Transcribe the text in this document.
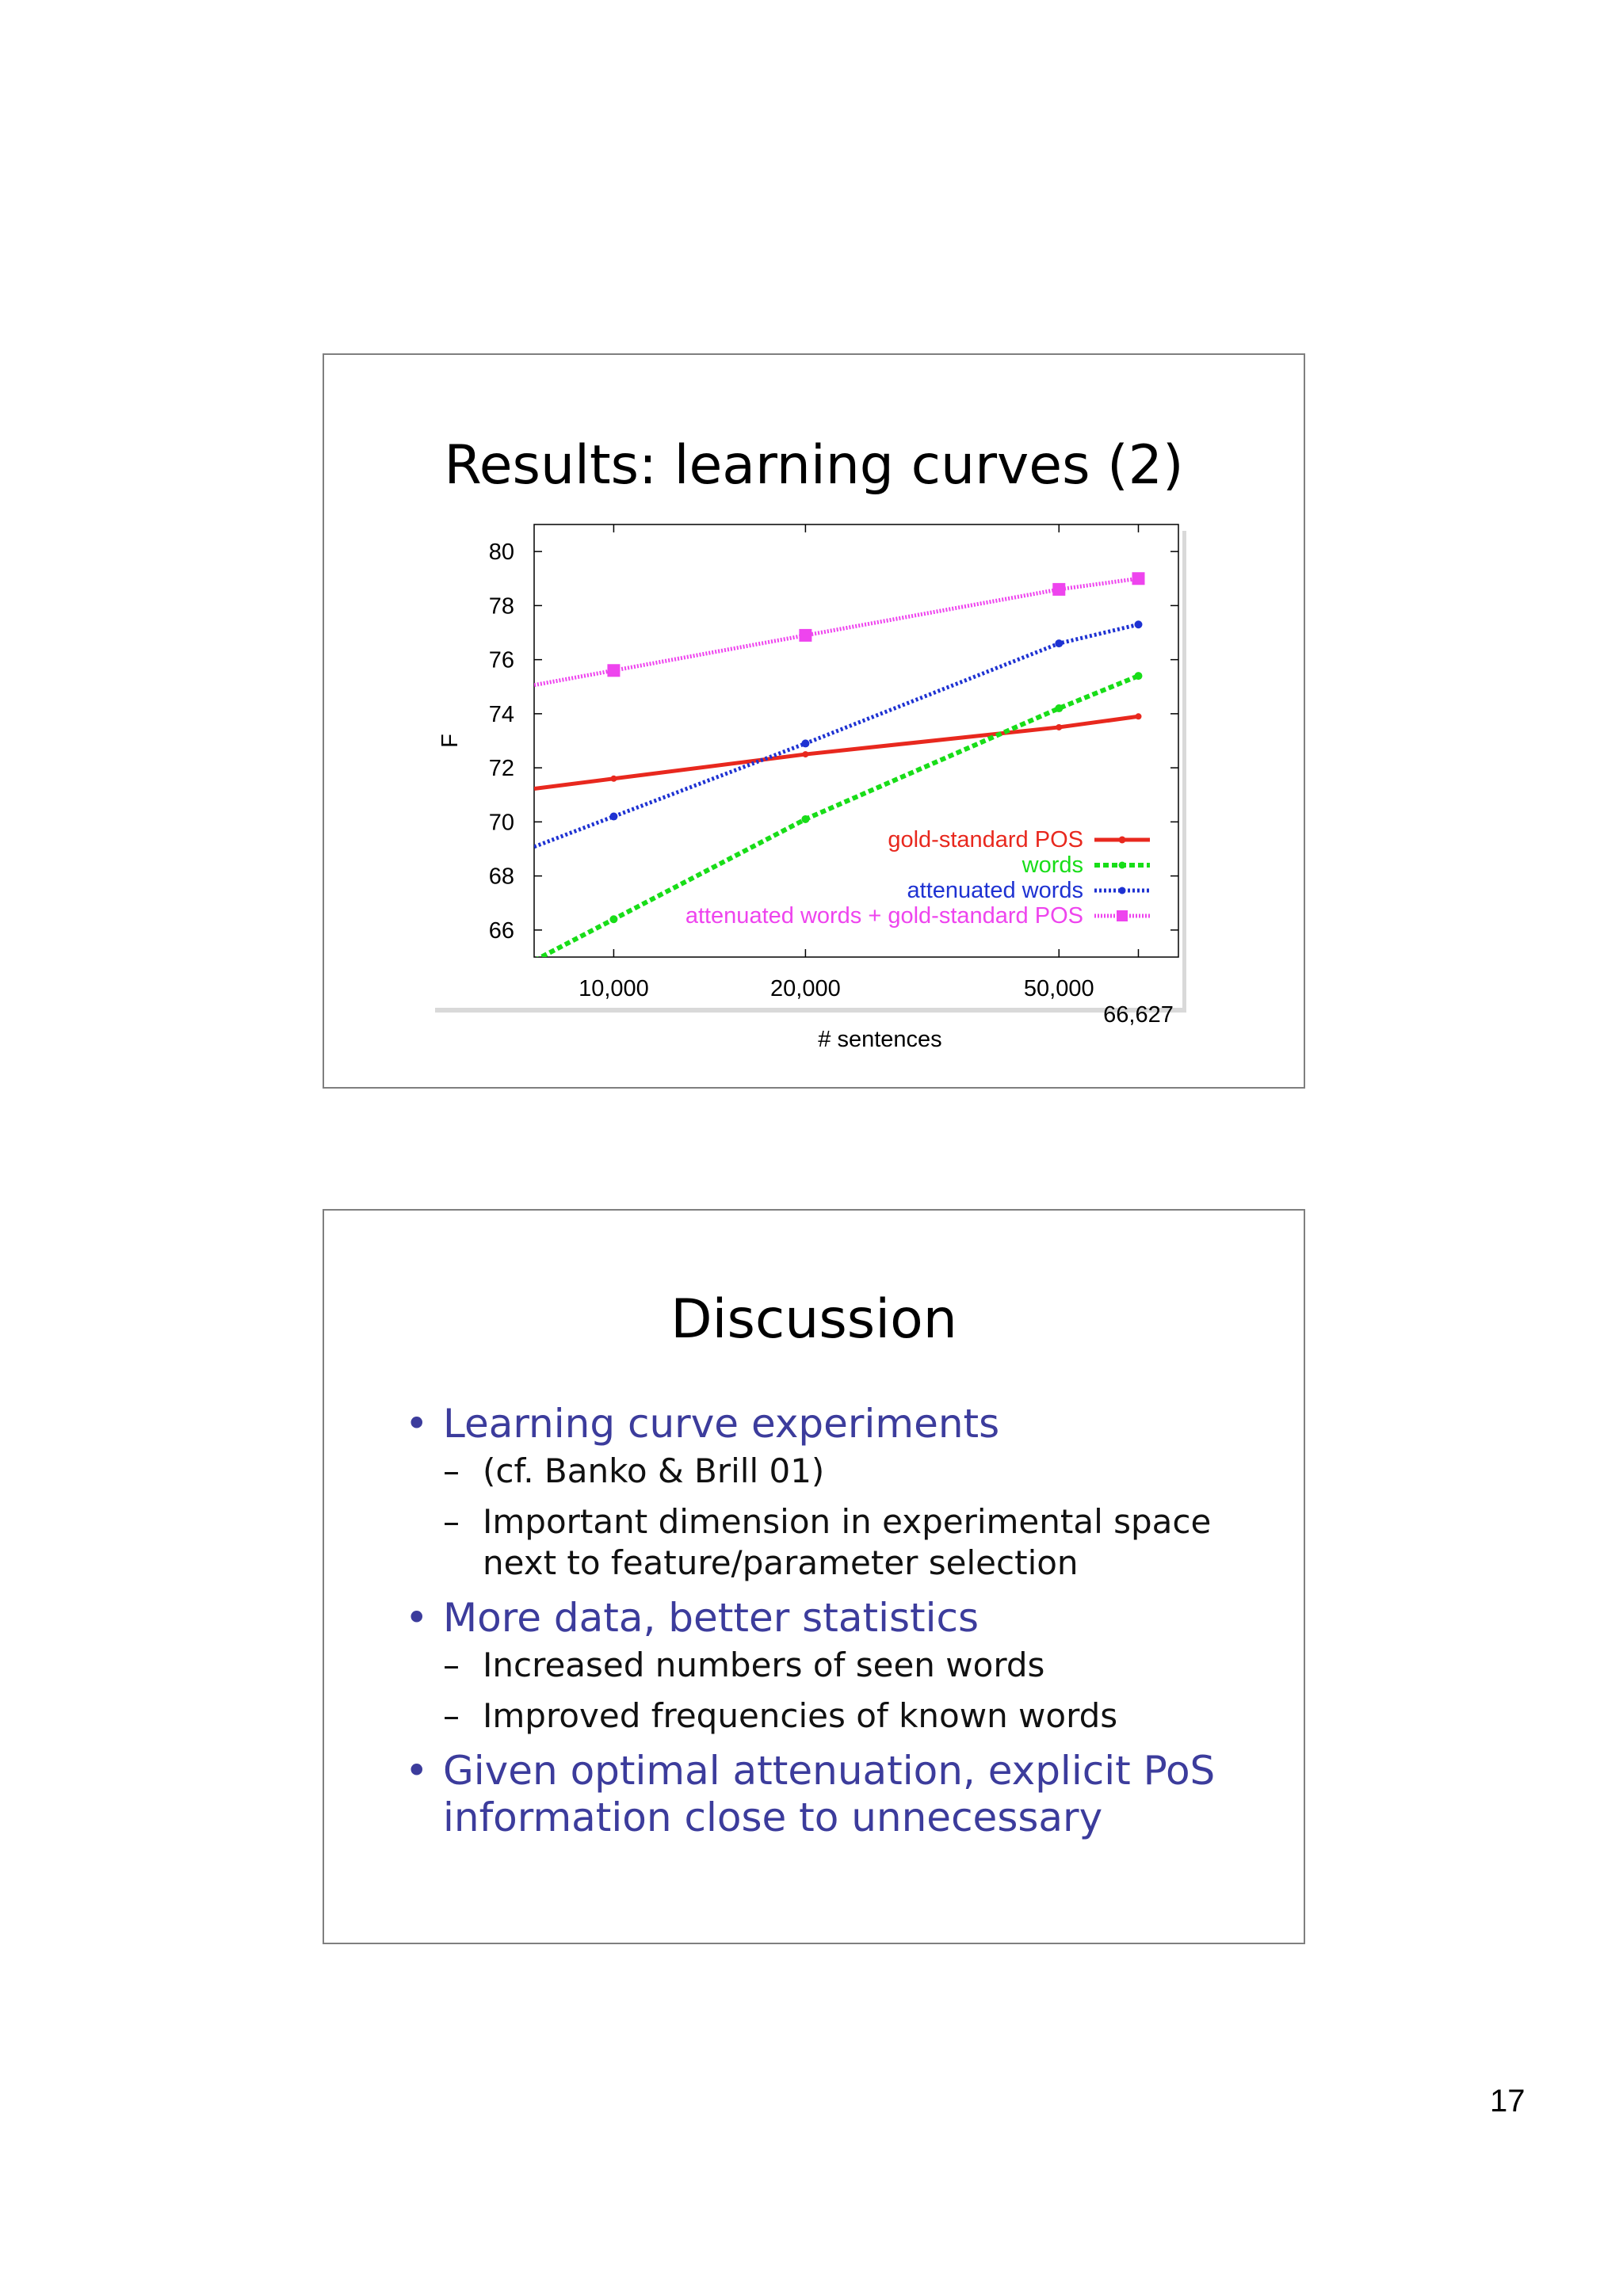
Results: learning curves (2)
66
68
70
72
74
76
78
80
10,000	20,000	50,000
66,627
# sentences
F
gold-standard POS
words
attenuated words
attenuated words + gold-standard POS
Discussion
• Learning curve experiments
– (cf. Banko & Brill 01)
– Important dimension in experimental space next to feature/parameter selection
• More data, better statistics
– Increased numbers of seen words
– Improved frequencies of known words
• Given optimal attenuation, explicit PoS information close to unnecessary
17
